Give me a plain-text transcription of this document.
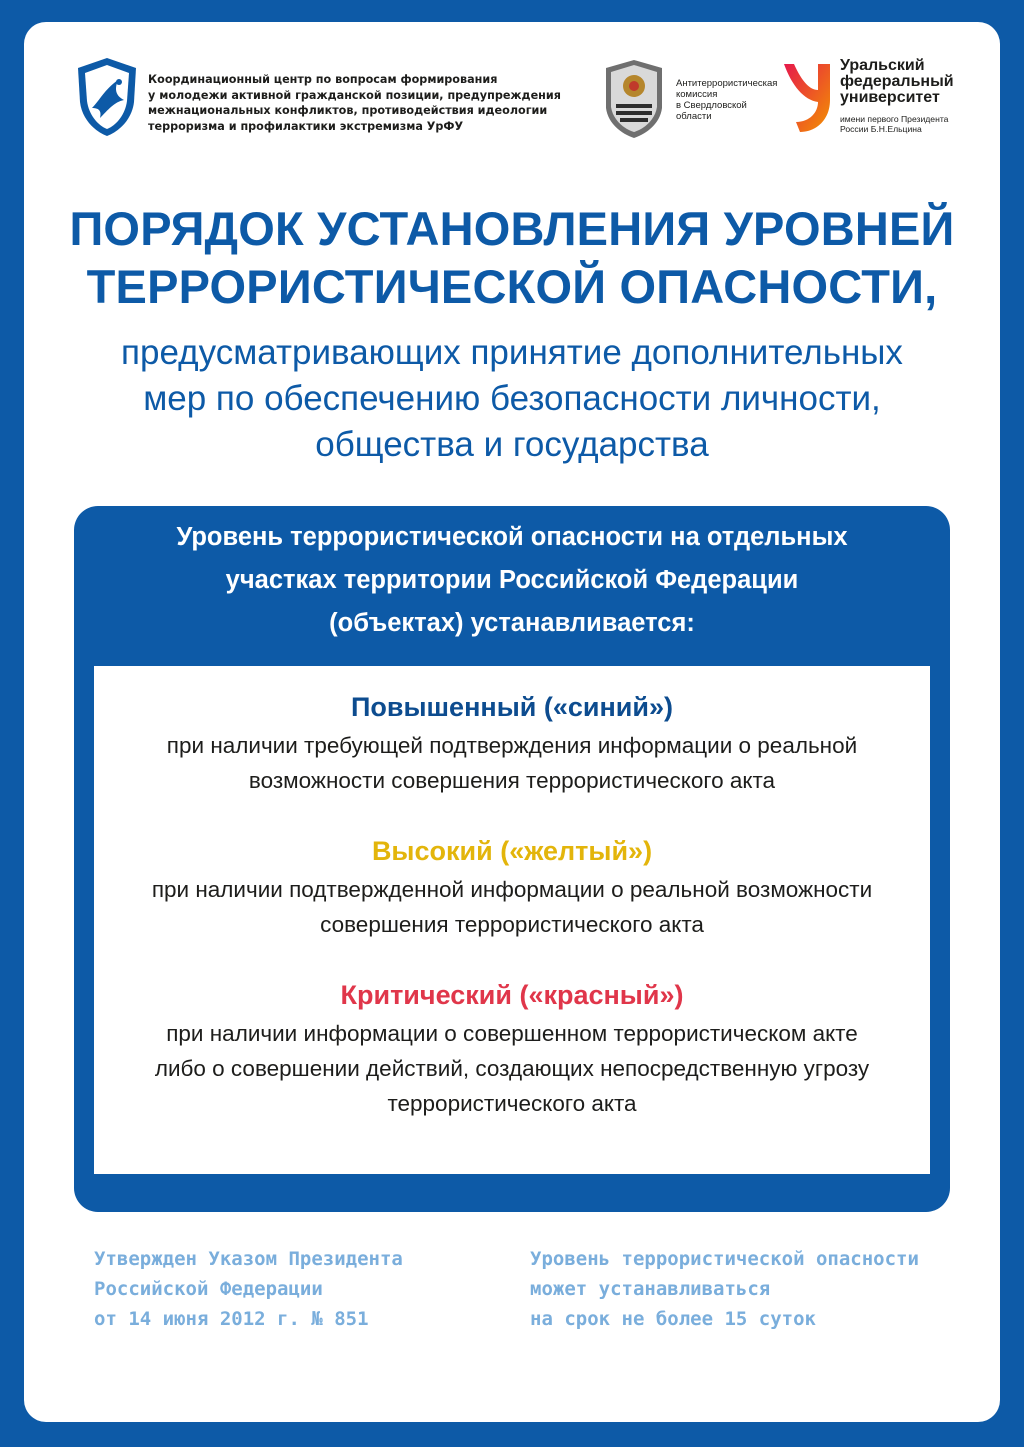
Координационный центр по вопросам формирования
у молодежи активной гражданской позиции, предупреждения
межнациональных конфликтов, противодействия идеологии
терроризма и профилактики экстремизма УрФУ
Антитеррористическая
комиссия
в Свердловской
области
Уральский
федеральный
университет
имени первого Президента
России Б.Н.Ельцина
ПОРЯДОК УСТАНОВЛЕНИЯ УРОВНЕЙ
ТЕРРОРИСТИЧЕСКОЙ ОПАСНОСТИ,
предусматривающих принятие дополнительных
мер по обеспечению безопасности личности,
общества и государства
Уровень террористической опасности на отдельных
участках территории Российской Федерации
(объектах) устанавливается:
Повышенный («синий»)
при наличии требующей подтверждения информации о реальной
возможности совершения террористического акта
Высокий («желтый»)
при наличии подтвержденной информации о реальной возможности
совершения террористического акта
Критический («красный»)
при наличии информации о совершенном террористическом акте
либо о совершении действий, создающих непосредственную угрозу
террористического акта
Утвержден Указом Президента
Российской Федерации
от 14 июня 2012 г. № 851
Уровень террористической опасности
может устанавливаться
на срок не более 15 суток
